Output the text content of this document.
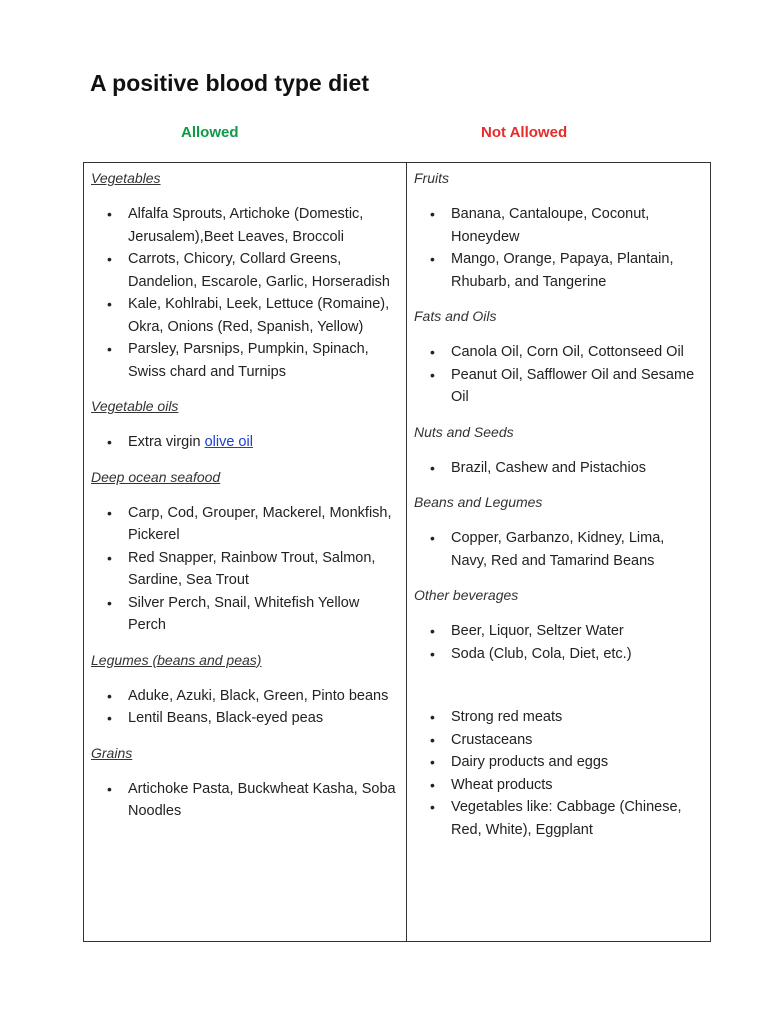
A positive blood type diet
Allowed	Not Allowed
Vegetables
• Alfalfa Sprouts, Artichoke (Domestic, Jerusalem),Beet Leaves, Broccoli
• Carrots, Chicory, Collard Greens, Dandelion, Escarole, Garlic, Horseradish
• Kale, Kohlrabi, Leek, Lettuce (Romaine), Okra, Onions (Red, Spanish, Yellow)
• Parsley, Parsnips, Pumpkin, Spinach, Swiss chard and Turnips
Vegetable oils
• Extra virgin olive oil
Deep ocean seafood
• Carp, Cod, Grouper, Mackerel, Monkfish, Pickerel
• Red Snapper, Rainbow Trout, Salmon, Sardine, Sea Trout
• Silver Perch, Snail, Whitefish Yellow Perch
Legumes (beans and peas)
• Aduke, Azuki, Black, Green, Pinto beans
• Lentil Beans, Black-eyed peas
Grains
• Artichoke Pasta, Buckwheat Kasha, Soba Noodles
Fruits
• Banana, Cantaloupe, Coconut, Honeydew
• Mango, Orange, Papaya, Plantain, Rhubarb, and Tangerine
Fats and Oils
• Canola Oil, Corn Oil, Cottonseed Oil
• Peanut Oil, Safflower Oil and Sesame Oil
Nuts and Seeds
• Brazil, Cashew and Pistachios
Beans and Legumes
• Copper, Garbanzo, Kidney, Lima, Navy, Red and Tamarind Beans
Other beverages
• Beer, Liquor, Seltzer Water
• Soda (Club, Cola, Diet, etc.)
• Strong red meats
• Crustaceans
• Dairy products and eggs
• Wheat products
• Vegetables like: Cabbage (Chinese, Red, White), Eggplant
